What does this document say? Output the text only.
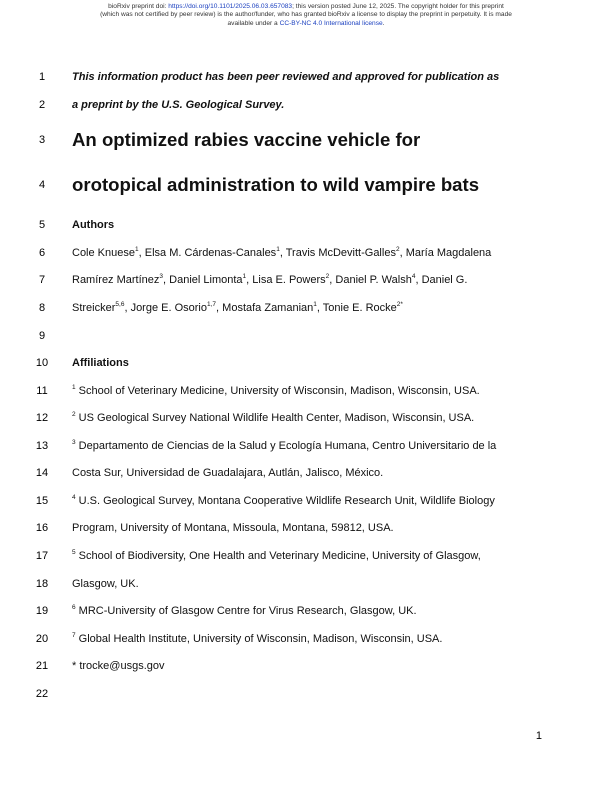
bioRxiv preprint doi: https://doi.org/10.1101/2025.06.03.657083; this version posted June 12, 2025. The copyright holder for this preprint
(which was not certified by peer review) is the author/funder, who has granted bioRxiv a license to display the preprint in perpetuity. It is made
available under a CC-BY-NC 4.0 International license.
1
2
3
4
5
6
7
8
9
10
11
12
13
14
15
16
17
18
19
20
21
22
This information product has been peer reviewed and approved for publication as
a preprint by the U.S. Geological Survey.
An optimized rabies vaccine vehicle for
orotopical administration to wild vampire bats
Authors
Cole Knuese$^1$, Elsa M. Cárdenas-Canales$^1$, Travis McDevitt-Galles$^2$, María Magdalena
Ramírez Martínez$^3$, Daniel Limonta$^1$, Lisa E. Powers$^2$, Daniel P. Walsh$^4$, Daniel G.
Streicker$^{5,6}$, Jorge E. Osorio$^{1,7}$, Mostafa Zamanian$^1$, Tonie E. Rocke$^{2*}$
Affiliations
$^1$ School of Veterinary Medicine, University of Wisconsin, Madison, Wisconsin, USA.
$^2$ US Geological Survey National Wildlife Health Center, Madison, Wisconsin, USA.
$^3$ Departamento de Ciencias de la Salud y Ecología Humana, Centro Universitario de la
Costa Sur, Universidad de Guadalajara, Autlán, Jalisco, México.
$^4$ U.S. Geological Survey, Montana Cooperative Wildlife Research Unit, Wildlife Biology
Program, University of Montana, Missoula, Montana, 59812, USA.
$^5$ School of Biodiversity, One Health and Veterinary Medicine, University of Glasgow,
Glasgow, UK.
$^6$ MRC-University of Glasgow Centre for Virus Research, Glasgow, UK.
$^7$ Global Health Institute, University of Wisconsin, Madison, Wisconsin, USA.
* trocke@usgs.gov
1
